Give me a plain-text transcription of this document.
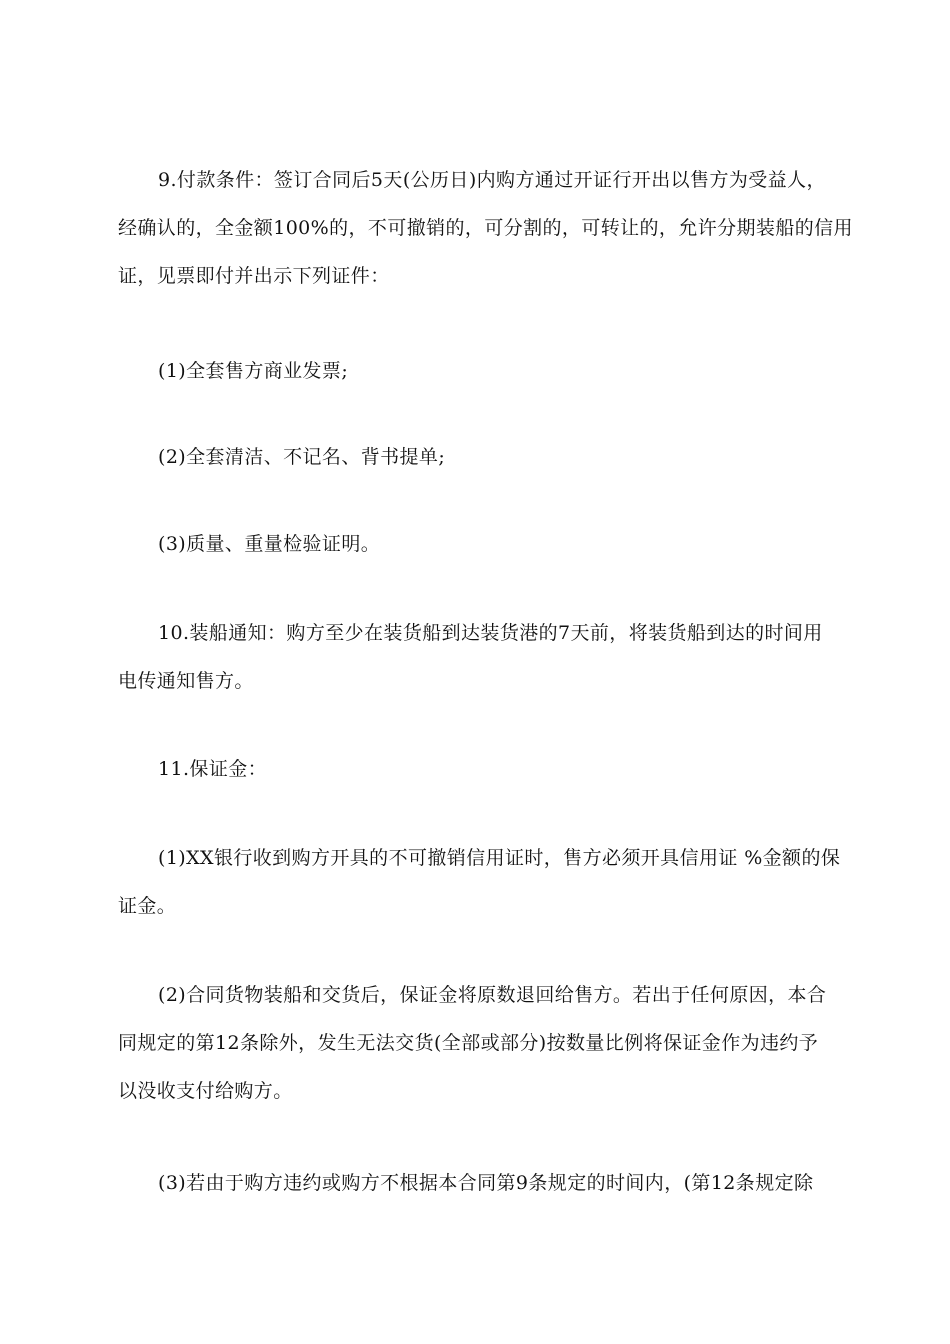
9.付款条件：签订合同后5天(公历日)内购方通过开证行开出以售方为受益人，
经确认的，全金额100%的，不可撤销的，可分割的，可转让的，允许分期装船的信用
证，见票即付并出示下列证件：

(1)全套售方商业发票;

(2)全套清洁、不记名、背书提单;

(3)质量、重量检验证明。

10.装船通知：购方至少在装货船到达装货港的7天前，将装货船到达的时间用
电传通知售方。

11.保证金：

(1)XX银行收到购方开具的不可撤销信用证时，售方必须开具信用证 %金额的保
证金。

(2)合同货物装船和交货后，保证金将原数退回给售方。若出于任何原因，本合
同规定的第12条除外，发生无法交货(全部或部分)按数量比例将保证金作为违约予
以没收支付给购方。

(3)若由于购方违约或购方不根据本合同第9条规定的时间内，(第12条规定除
